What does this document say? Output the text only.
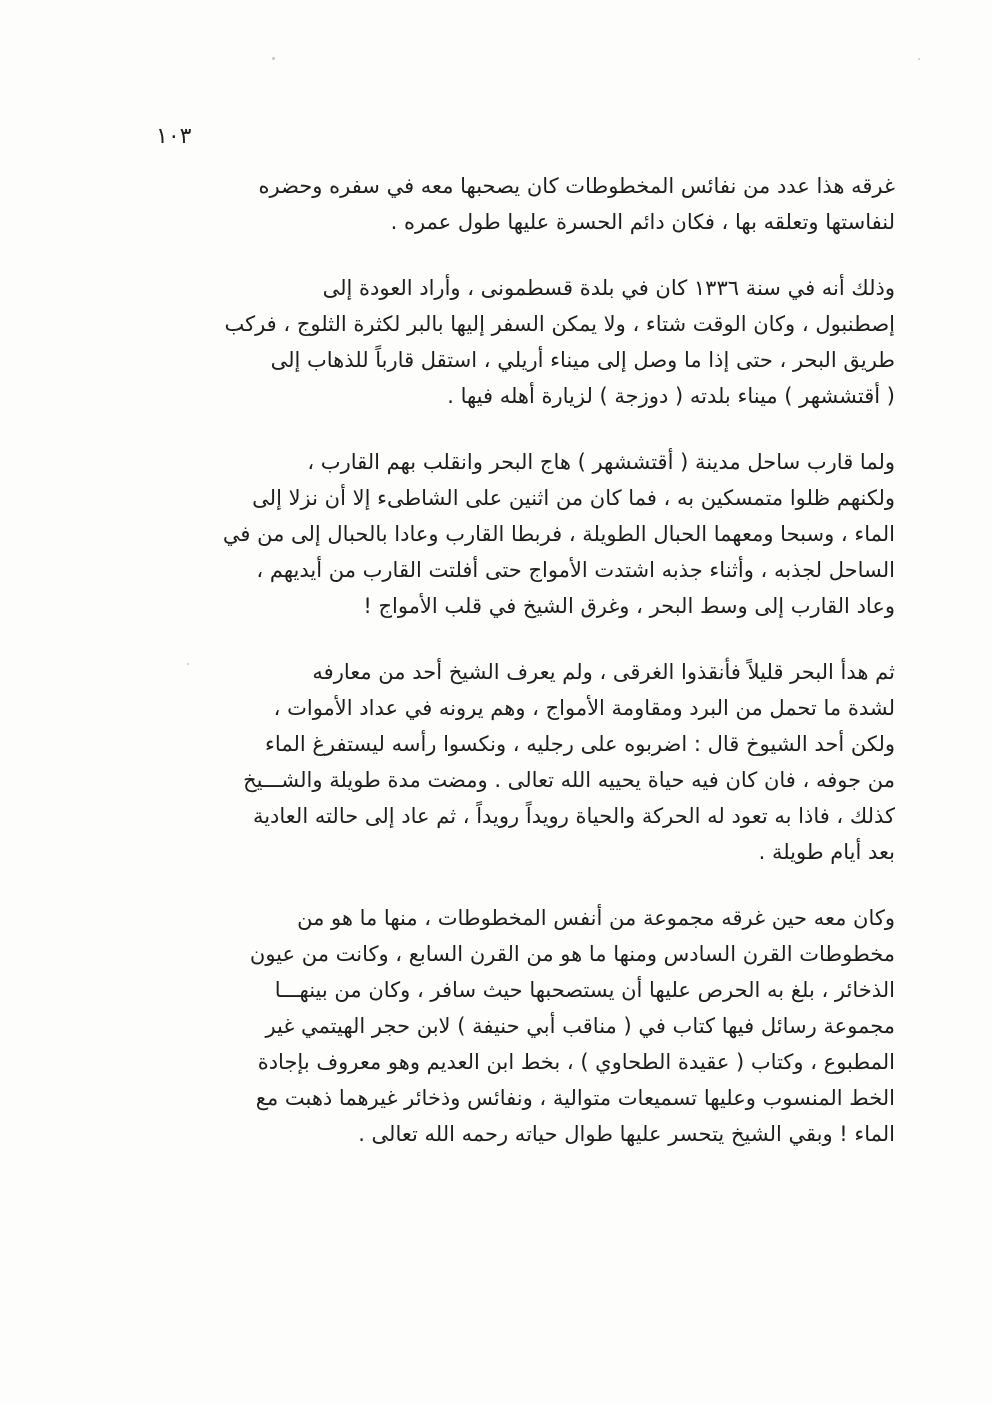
١٠٣
غرقه هذا عدد من نفائس المخطوطات كان يصحبها معه في سفره وحضره
لنفاستها وتعلقه بها ، فكان دائم الحسرة عليها طول عمره .
وذلك أنه في سنة ١٣٣٦ كان في بلدة قسطمونى ، وأراد العودة إلى
إصطنبول ، وكان الوقت شتاء ، ولا يمكن السفر إليها بالبر لكثرة الثلوج ، فركب
طريق البحر ، حتى إذا ما وصل إلى ميناء أريلي ، استقل قارباً للذهاب إلى
( أقتششهر ) ميناء بلدته ( دوزجة ) لزيارة أهله فيها .
ولما قارب ساحل مدينة ( أقتششهر ) هاج البحر وانقلب بهم القارب ،
ولكنهم ظلوا متمسكين به ، فما كان من اثنين على الشاطىء إلا أن نزلا إلى
الماء ، وسبحا ومعهما الحبال الطويلة ، فربطا القارب وعادا بالحبال إلى من في
الساحل لجذبه ، وأثناء جذبه اشتدت الأمواج حتى أفلتت القارب من أيديهم ،
وعاد القارب إلى وسط البحر ، وغرق الشيخ في قلب الأمواج !
ثم هدأ البحر قليلاً فأنقذوا الغرقى ، ولم يعرف الشيخ أحد من معارفه
لشدة ما تحمل من البرد ومقاومة الأمواج ، وهم يرونه في عداد الأموات ،
ولكن أحد الشيوخ قال : اضربوه على رجليه ، ونكسوا رأسه ليستفرغ الماء
من جوفه ، فان كان فيه حياة يحييه الله تعالى . ومضت مدة طويلة والشـــيخ
كذلك ، فاذا به تعود له الحركة والحياة رويداً رويداً ، ثم عاد إلى حالته العادية
بعد أيام طويلة .
وكان معه حين غرقه مجموعة من أنفس المخطوطات ، منها ما هو من
مخطوطات القرن السادس ومنها ما هو من القرن السابع ، وكانت من عيون
الذخائر ، بلغ به الحرص عليها أن يستصحبها حيث سافر ، وكان من بينهـــا
مجموعة رسائل فيها كتاب في ( مناقب أبي حنيفة ) لابن حجر الهيتمي غير
المطبوع ، وكتاب ( عقيدة الطحاوي ) ، بخط ابن العديم وهو معروف بإجادة
الخط المنسوب وعليها تسميعات متوالية ، ونفائس وذخائر غيرهما ذهبت مع
الماء ! وبقي الشيخ يتحسر عليها طوال حياته رحمه الله تعالى .
